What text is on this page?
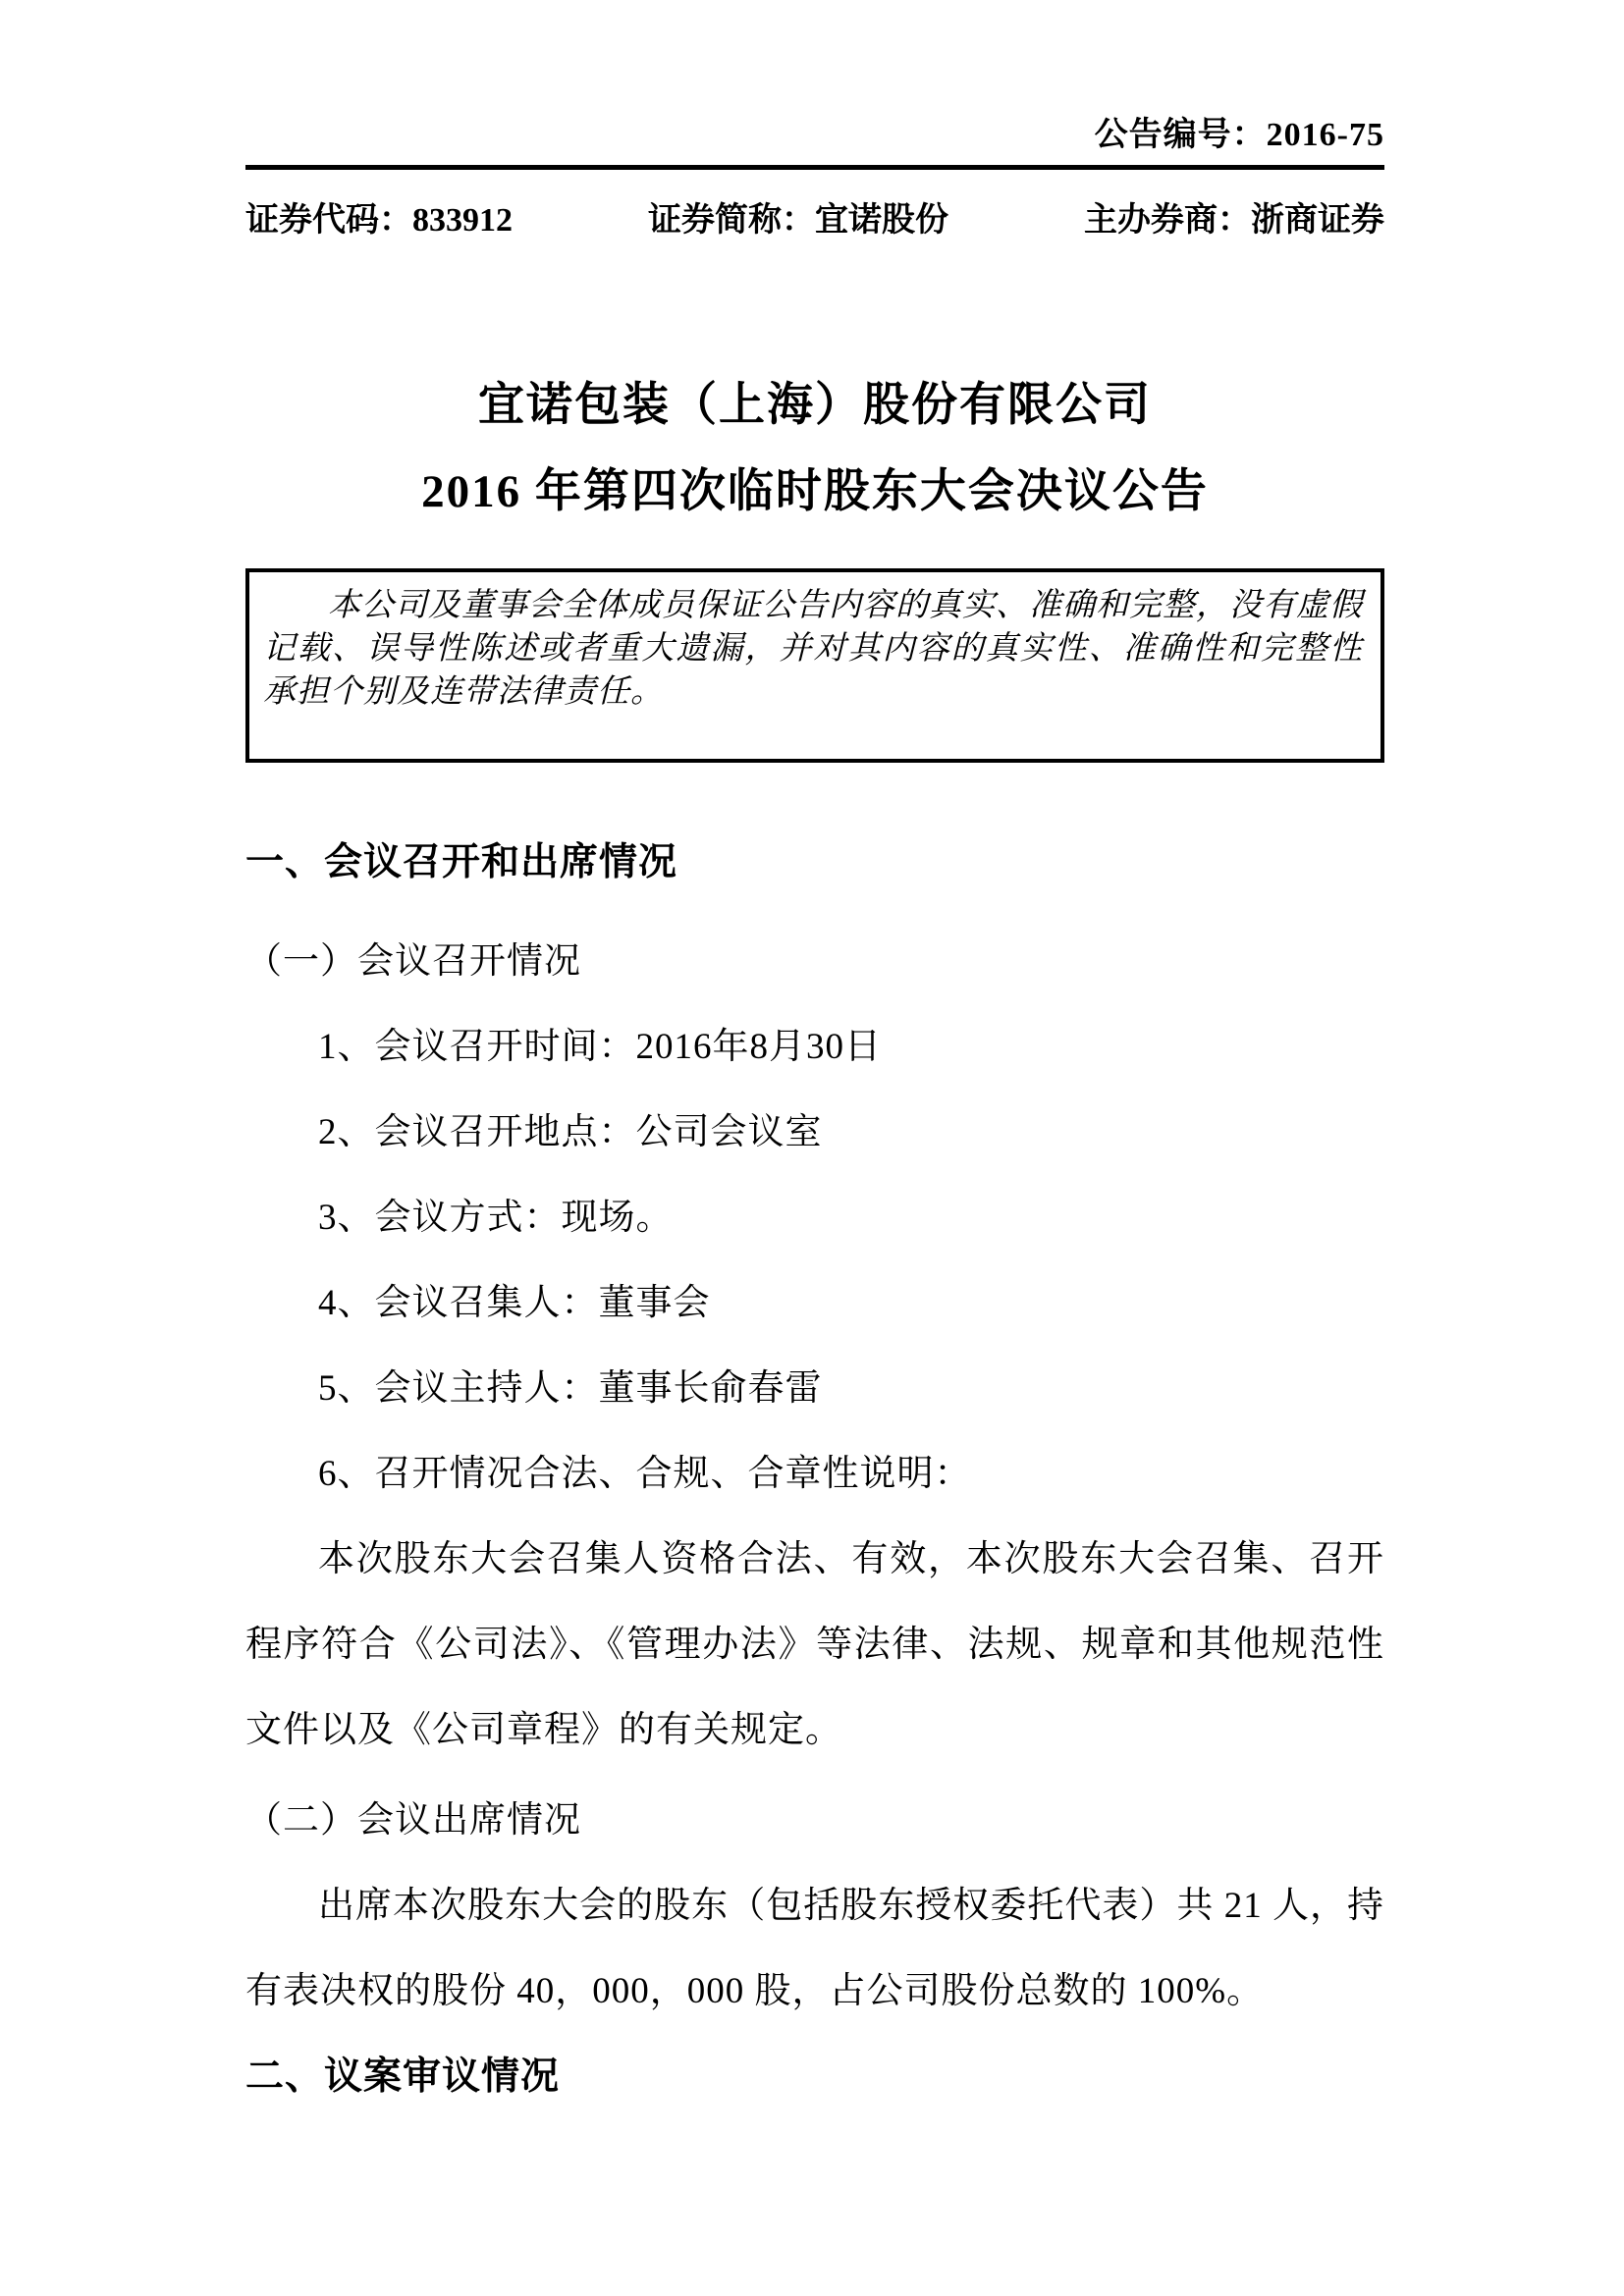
公告编号：2016-75
证券代码：833912	证券简称：宜诺股份	主办券商：浙商证券
宜诺包装（上海）股份有限公司
2016 年第四次临时股东大会决议公告

本公司及董事会全体成员保证公告内容的真实、准确和完整，没有虚假记载、误导性陈述或者重大遗漏，并对其内容的真实性、准确性和完整性承担个别及连带法律责任。

一、会议召开和出席情况

（一）会议召开情况

1、会议召开时间：2016年8月30日

2、会议召开地点：公司会议室

3、会议方式：现场。

4、会议召集人：董事会

5、会议主持人：董事长俞春雷

6、召开情况合法、合规、合章性说明：

本次股东大会召集人资格合法、有效，本次股东大会召集、召开程序符合《公司法》、《管理办法》等法律、法规、规章和其他规范性文件以及《公司章程》的有关规定。

（二）会议出席情况

出席本次股东大会的股东（包括股东授权委托代表）共 21 人，持有表决权的股份 40，000，000 股，占公司股份总数的 100%。

二、议案审议情况
